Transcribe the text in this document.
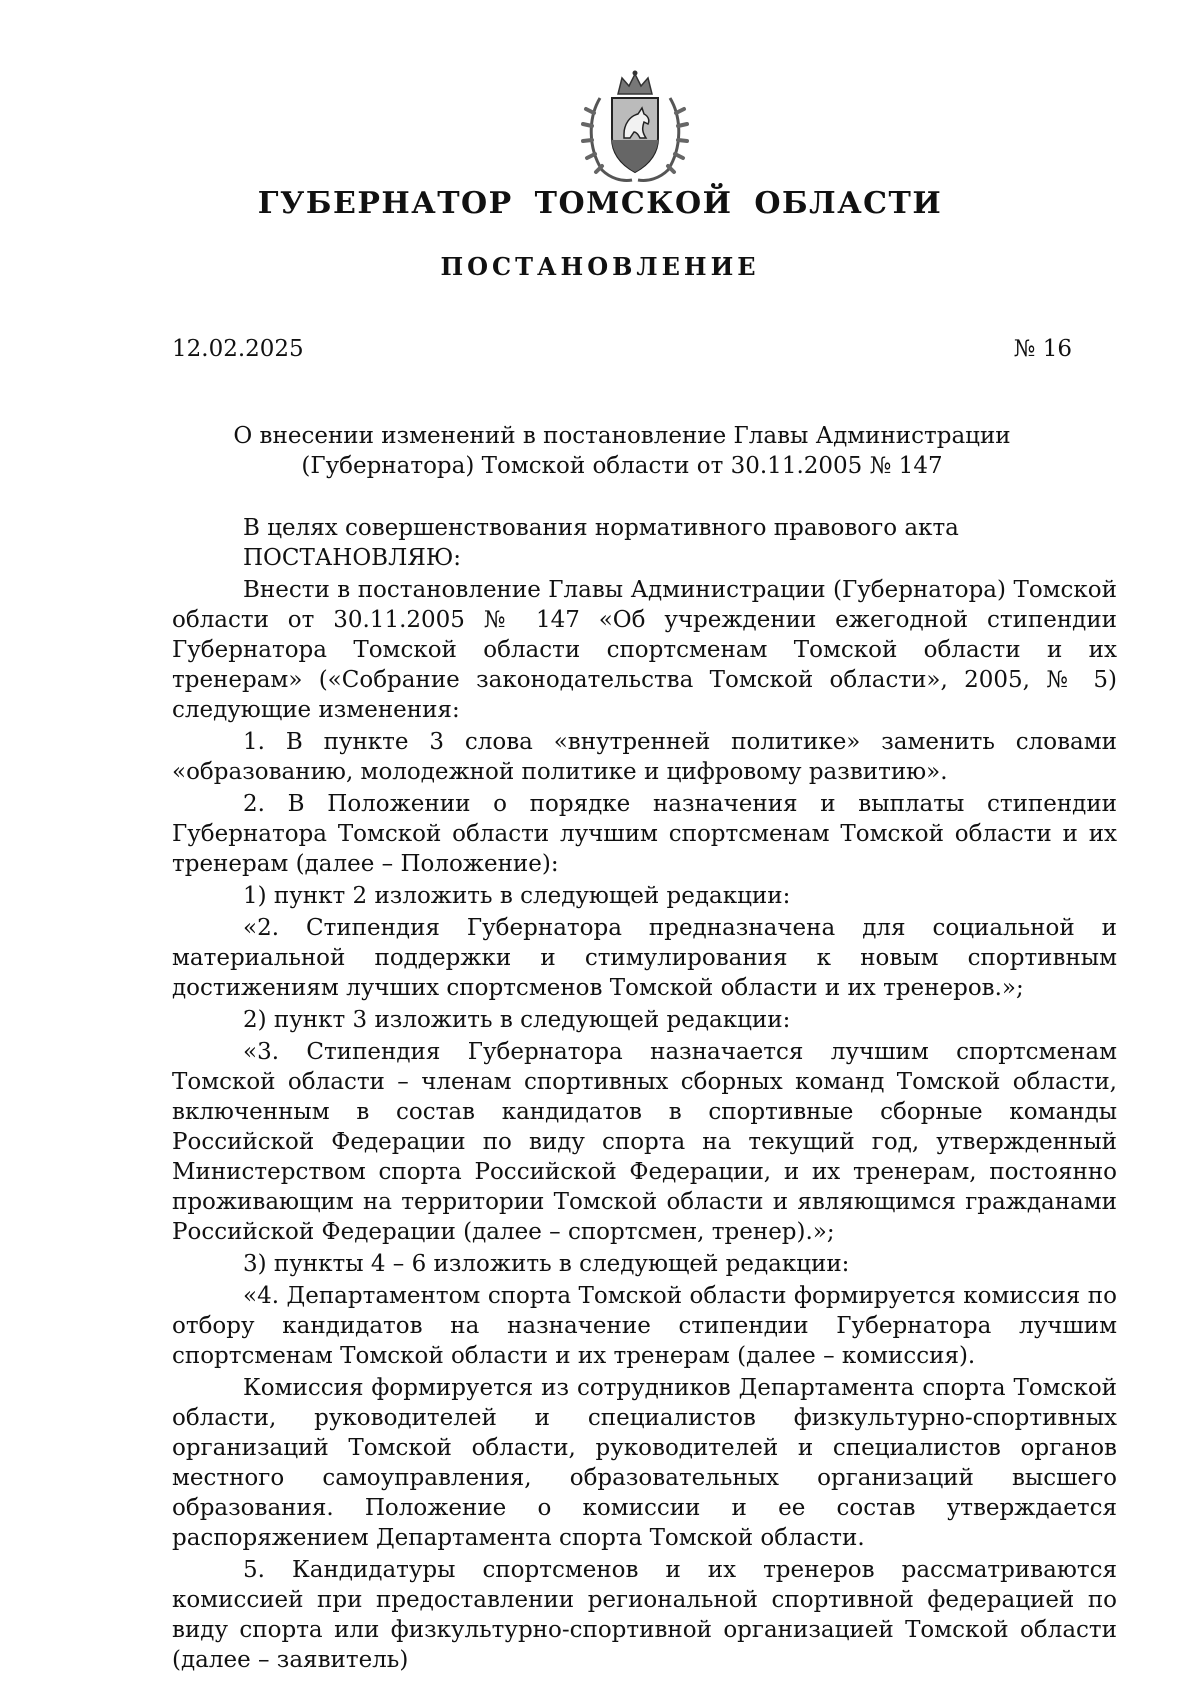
ГУБЕРНАТОР ТОМСКОЙ ОБЛАСТИ
ПОСТАНОВЛЕНИЕ
12.02.2025	№ 16
О внесении изменений в постановление Главы Администрации
(Губернатора) Томской области от 30.11.2005 № 147

В целях совершенствования нормативного правового акта

ПОСТАНОВЛЯЮ:

Внести в постановление Главы Администрации (Губернатора) Томской области от 30.11.2005 № 147 «Об учреждении ежегодной стипендии Губернатора Томской области спортсменам Томской области и их тренерам» («Собрание законодательства Томской области», 2005, № 5) следующие изменения:

1. В пункте 3 слова «внутренней политике» заменить словами «образованию, молодежной политике и цифровому развитию».

2. В Положении о порядке назначения и выплаты стипендии Губернатора Томской области лучшим спортсменам Томской области и их тренерам (далее – Положение):

1) пункт 2 изложить в следующей редакции:

«2. Стипендия Губернатора предназначена для социальной и материальной поддержки и стимулирования к новым спортивным достижениям лучших спортсменов Томской области и их тренеров.»;

2) пункт 3 изложить в следующей редакции:

«3. Стипендия Губернатора назначается лучшим спортсменам Томской области – членам спортивных сборных команд Томской области, включенным в состав кандидатов в спортивные сборные команды Российской Федерации по виду спорта на текущий год, утвержденный Министерством спорта Российской Федерации, и их тренерам, постоянно проживающим на территории Томской области и являющимся гражданами Российской Федерации (далее – спортсмен, тренер).»;

3) пункты 4 – 6 изложить в следующей редакции:

«4. Департаментом спорта Томской области формируется комиссия по отбору кандидатов на назначение стипендии Губернатора лучшим спортсменам Томской области и их тренерам (далее – комиссия).

Комиссия формируется из сотрудников Департамента спорта Томской области, руководителей и специалистов физкультурно-спортивных организаций Томской области, руководителей и специалистов органов местного самоуправления, образовательных организаций высшего образования. Положение о комиссии и ее состав утверждается распоряжением Департамента спорта Томской области.

5. Кандидатуры спортсменов и их тренеров рассматриваются комиссией при предоставлении региональной спортивной федерацией по виду спорта или физкультурно-спортивной организацией Томской области (далее – заявитель)
